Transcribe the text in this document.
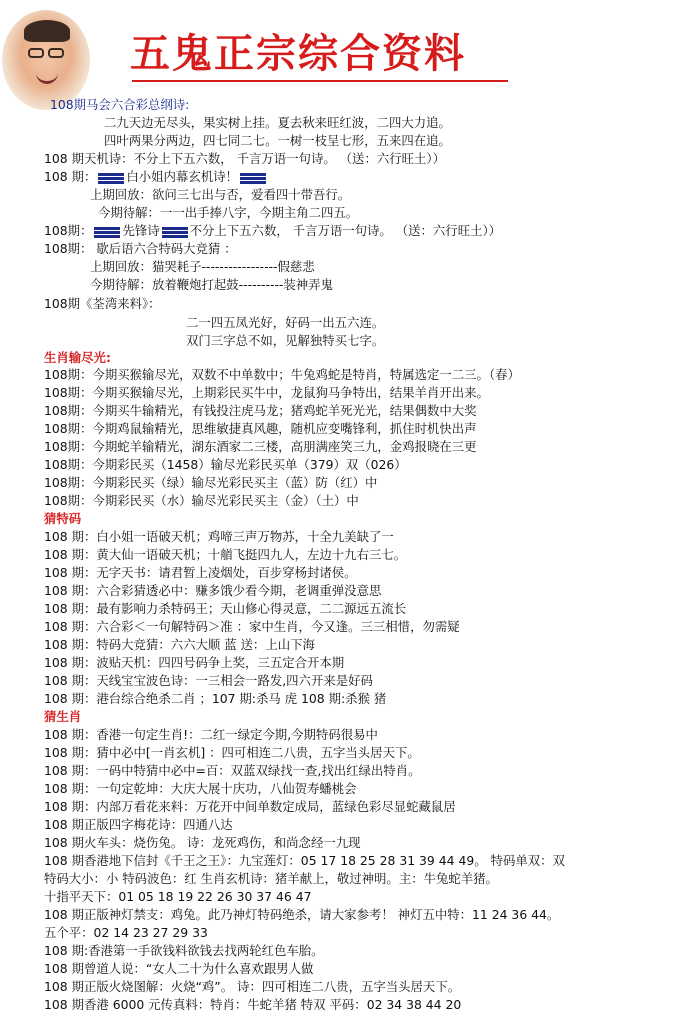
五鬼正宗综合资料
108期马会六合彩总纲诗:
二九天边无尽头，果实树上挂。夏去秋来旺红波，二四大力追。
四叶两果分两边，四七同二七。一树一枝呈七形，五来四在追。
108 期天机诗：不分上下五六数， 千言万语一句诗。 （送：六行旺土））
108 期： 白小姐内幕玄机诗！
上期回放：欲问三七出与否，爱看四十带吾行。
今期待解：一一出手捧八字，今期主角二四五。
108期： 先锋诗 不分上下五六数， 千言万语一句诗。 （送：六行旺土））
108期： 歇后语六合特码大竞猜 ：
上期回放：猫哭耗子-----------------假慈悲
今期待解：放着鞭炮打起鼓----------装神弄鬼
108期《荃湾来料》：
二一四五凤光好，好码一出五六连。
双门三字总不如，见解独特买七字。
生肖输尽光:
108期：今期买猴输尽光，双数不中单数中；牛兔鸡蛇是特肖，特属选定一二三。（春）
108期：今期买猴输尽光，上期彩民买牛中，龙鼠狗马争特出，结果羊肖开出来。
108期：今期买牛输精光，有钱投注虎马龙；猪鸡蛇羊死光光，结果偶数中大奖
108期：今期鸡鼠输精光，思维敏捷真风趣，随机应变嘴锋利，抓住时机快出声
108期：今期蛇羊输精光，湖东酒家二三楼，高朋满座笑三九，金鸡报晓在三更
108期：今期彩民买（1458）输尽光彩民买单（379）双（026）
108期：今期彩民买（绿）输尽光彩民买主（蓝）防（红）中
108期：今期彩民买（水）输尽光彩民买主（金）（土）中
猜特码
108 期：白小姐一语破天机；鸡啼三声万物苏，十全九美缺了一
108 期：黄大仙一语破天机；十艏飞挺四九人，左边十九右三七。
108 期：无字天书：请君暂上凌烟处，百步穿杨封诸侯。
108 期：六合彩猜透必中：赚多饿少看今期，老调重弹没意思
108 期：最有影响力杀特码王；天山修心得灵意，二二源远五流长
108 期：六合彩＜一句解特码＞准 ：家中生肖，今又逢。三三相惜，勿需疑
108 期：特码大竞猜：六六大顺 蓝 送：上山下海
108 期：波贴天机：四四号码争上奖，三五定合开本期
108 期：天线宝宝波色诗：一三相会一路发,四六开来是好码
108 期：港台综合绝杀二肖 ；107 期:杀马 虎 108 期:杀猴 猪
猜生肖
108 期：香港一句定生肖!：二红一绿定今期,今期特码很易中
108 期：猜中必中[一肖玄机] ：四可相连二八贵，五字当头居天下。
108 期：一码中特猜中必中=百：双蓝双绿找一查,找出红绿出特肖。
108 期：一句定乾坤：大庆大展十庆功，八仙贺寿蟠桃会
108 期：内部万看花来料：万花开中间单数定成局，蓝绿色彩尽显蛇藏鼠居
108 期正版四字梅花诗：四通八达
108 期火车头：烧伤兔。 诗：龙死鸡伤，和尚念经一九现
108 期香港地下信封《千王之王》：九宝莲灯：05 17 18 25 28 31 39 44 49。 特码单双：双
特码大小：小 特码波色：红 生肖玄机诗：猪羊献上，敬过神明。主：牛兔蛇羊猪。
十指平天下：01 05 18 19 22 26 30 37 46 47
108 期正版神灯禁支：鸡兔。此乃神灯特码绝杀，请大家参考！ 神灯五中特：11 24 36 44。
五个平：02 14 23 27 29 33
108 期:香港第一手欲钱料欲钱去找两轮红色车胎。
108 期曾道人说：“女人二十为什么喜欢跟男人做
108 期正版火烧图解：火烧“鸡”。 诗：四可相连二八贵，五字当头居天下。
108 期香港 6000 元传真料：特肖：牛蛇羊猪 特双 平码：02 34 38 44 20
